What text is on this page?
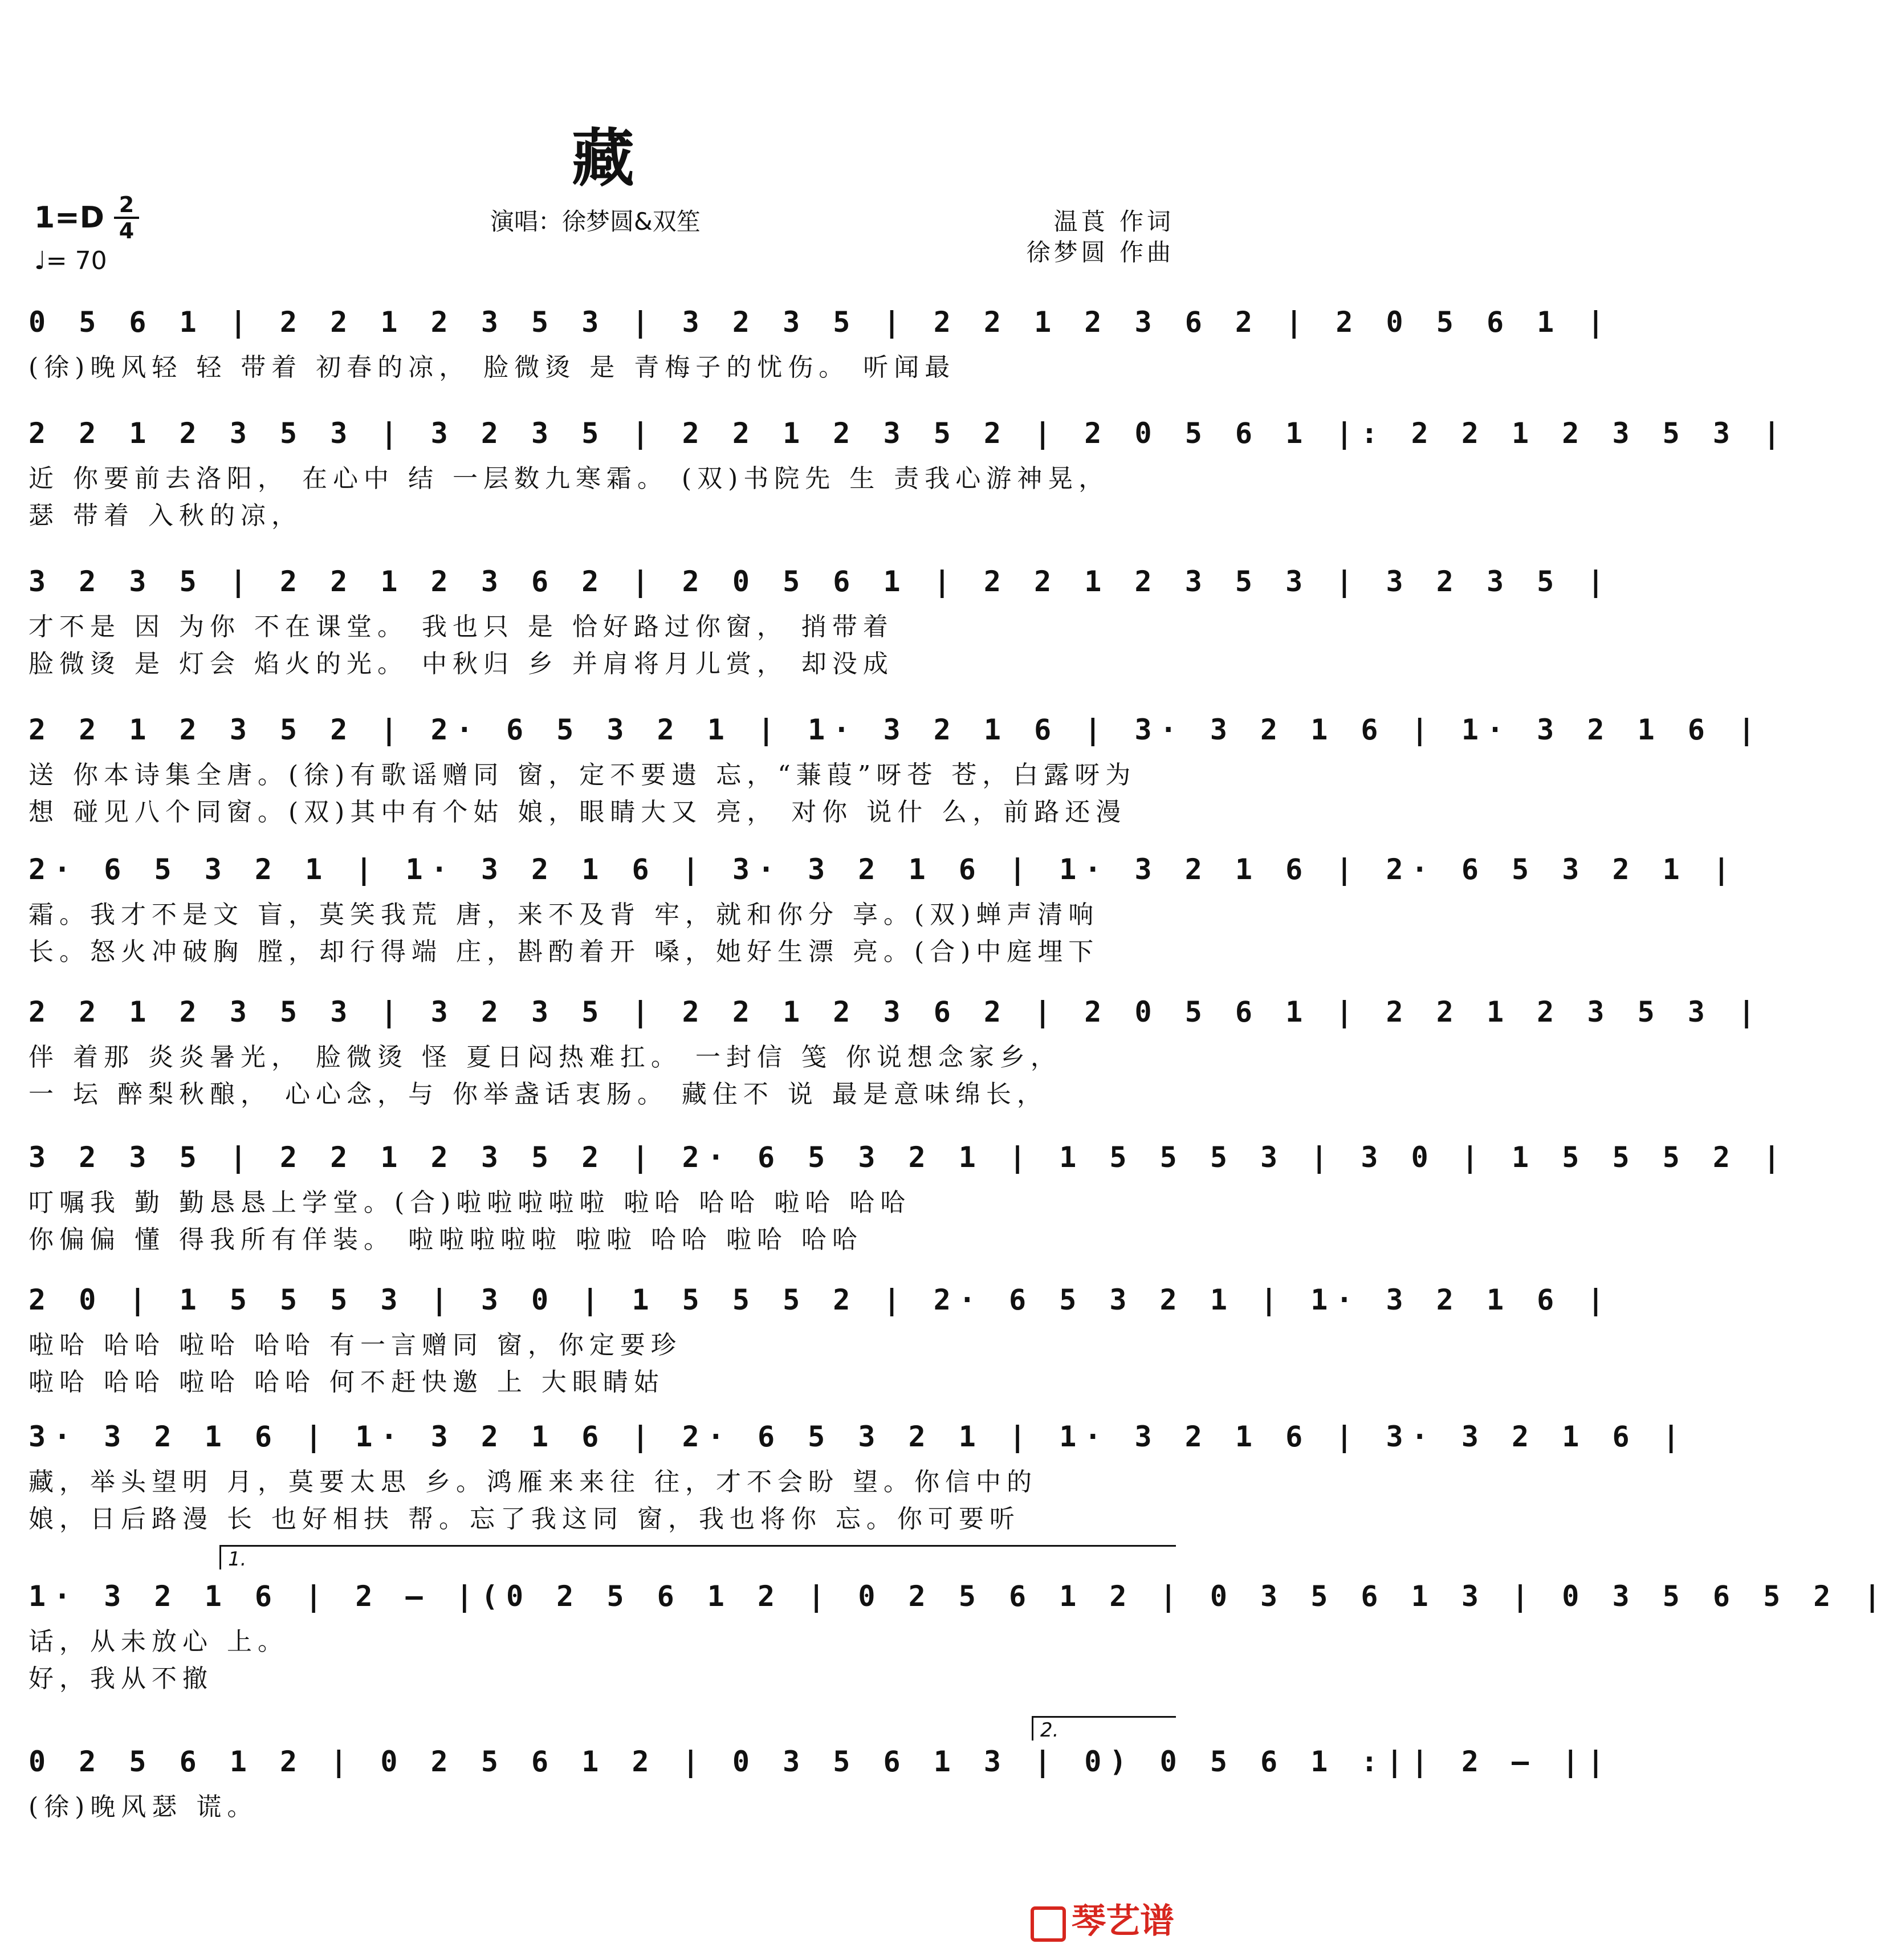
藏
1=D 2
4
♩= 70
演唱：徐梦圆&双笙	温莨 作词
徐梦圆 作曲
0 5 6 1 | 2 2 1 2 3 5 3 | 3 2 3 5 | 2 2 1 2 3 6 2 | 2 0 5 6 1 |
(徐)晚风轻 轻 带着 初春的凉， 脸微烫 是 青梅子的忧伤。 听闻最
2 2 1 2 3 5 3 | 3 2 3 5 | 2 2 1 2 3 5 2 | 2 0 5 6 1 |: 2 2 1 2 3 5 3 |
近 你要前去洛阳， 在心中 结 一层数九寒霜。 (双)书院先 生 责我心游神晃，
瑟 带着 入秋的凉，
3 2 3 5 | 2 2 1 2 3 6 2 | 2 0 5 6 1 | 2 2 1 2 3 5 3 | 3 2 3 5 |
才不是 因 为你 不在课堂。 我也只 是 恰好路过你窗， 捎带着
脸微烫 是 灯会 焰火的光。 中秋归 乡 并肩将月儿赏， 却没成
2 2 1 2 3 5 2 | 2· 6 5 3 2 1 | 1· 3 2 1 6 | 3· 3 2 1 6 | 1· 3 2 1 6 |
送 你本诗集全唐。(徐)有歌谣赠同 窗，定不要遗 忘，“蒹葭”呀苍 苍，白露呀为
想 碰见八个同窗。(双)其中有个姑 娘，眼睛大又 亮， 对你 说什 么，前路还漫
2· 6 5 3 2 1 | 1· 3 2 1 6 | 3· 3 2 1 6 | 1· 3 2 1 6 | 2· 6 5 3 2 1 |
霜。我才不是文 盲，莫笑我荒 唐，来不及背 牢，就和你分 享。(双)蝉声清响
长。怒火冲破胸 膛，却行得端 庄，斟酌着开 嗓，她好生漂 亮。(合)中庭埋下
2 2 1 2 3 5 3 | 3 2 3 5 | 2 2 1 2 3 6 2 | 2 0 5 6 1 | 2 2 1 2 3 5 3 |
伴 着那 炎炎暑光， 脸微烫 怪 夏日闷热难扛。 一封信 笺 你说想念家乡，
一 坛 醉梨秋酿， 心心念，与 你举盏话衷肠。 藏住不 说 最是意味绵长，
3 2 3 5 | 2 2 1 2 3 5 2 | 2· 6 5 3 2 1 | 1 5 5 5 3 | 3 0 | 1 5 5 5 2 |
叮嘱我 勤 勤恳恳上学堂。(合)啦啦啦啦啦 啦哈 哈哈 啦哈 哈哈
你偏偏 懂 得我所有佯装。 啦啦啦啦啦 啦啦 哈哈 啦哈 哈哈
2 0 | 1 5 5 5 3 | 3 0 | 1 5 5 5 2 | 2· 6 5 3 2 1 | 1· 3 2 1 6 |
啦哈 哈哈 啦哈 哈哈 有一言赠同 窗，你定要珍
啦哈 哈哈 啦哈 哈哈 何不赶快邀 上 大眼睛姑
3· 3 2 1 6 | 1· 3 2 1 6 | 2· 6 5 3 2 1 | 1· 3 2 1 6 | 3· 3 2 1 6 |
藏，举头望明 月，莫要太思 乡。鸿雁来来往 往，才不会盼 望。你信中的
娘，日后路漫 长 也好相扶 帮。忘了我这同 窗，我也将你 忘。你可要听
1.
1· 3 2 1 6 | 2 – |(0 2 5 6 1 2 | 0 2 5 6 1 2 | 0 3 5 6 1 3 | 0 3 5 6 5 2 |
话，从未放心 上。
好，我从不撤
2.
0 2 5 6 1 2 | 0 2 5 6 1 2 | 0 3 5 6 1 3 | 0) 0 5 6 1 :|| 2 – ||
(徐)晚风瑟 谎。
琴艺谱
